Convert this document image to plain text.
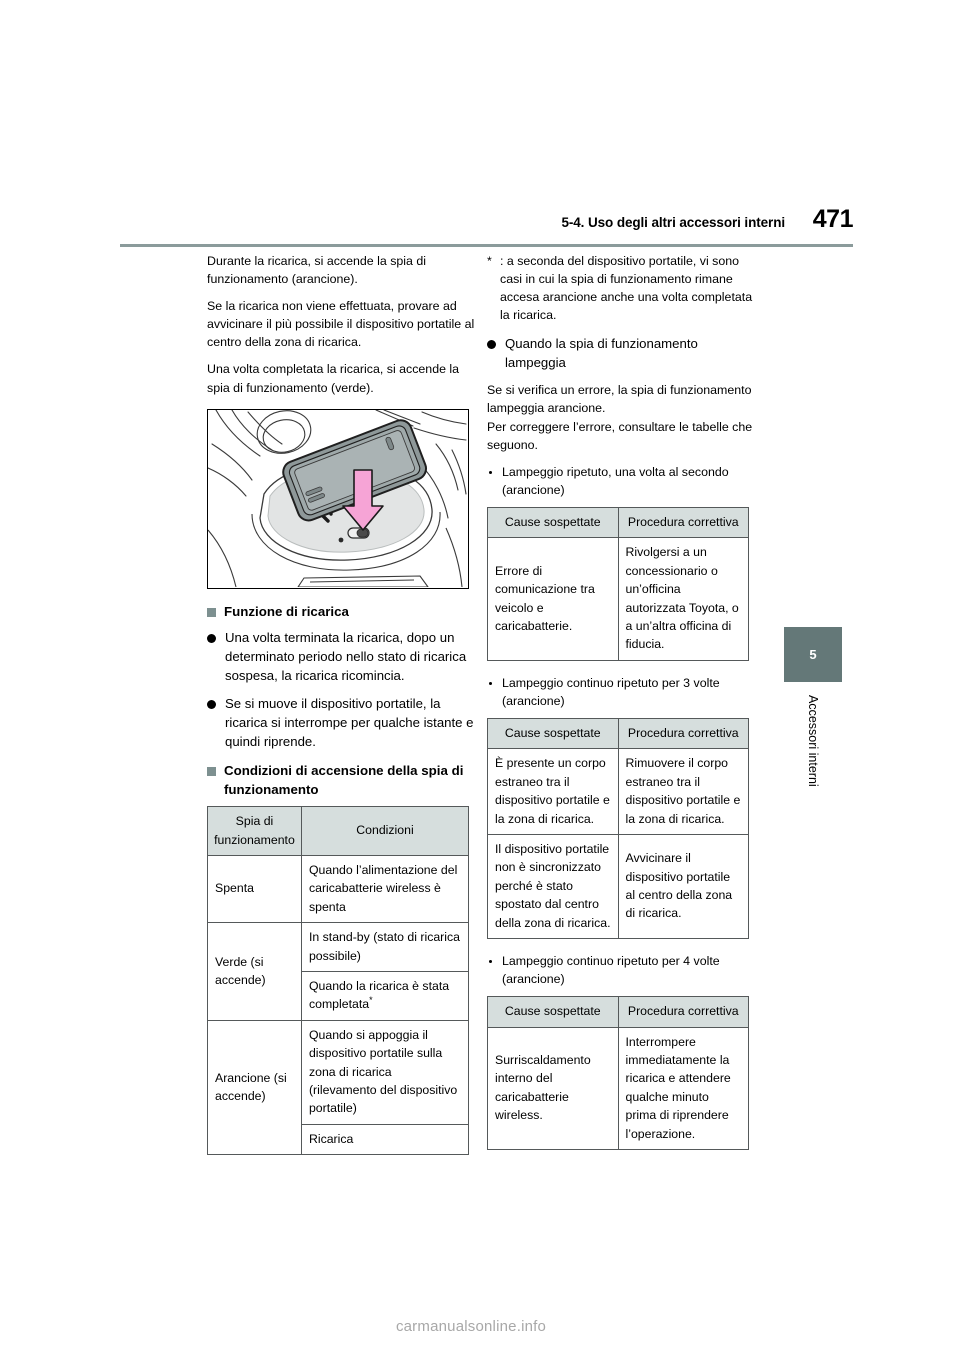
5-4. Uso degli altri accessori interni	471

Durante la ricarica, si accende la spia di funzionamento (arancione).

Se la ricarica non viene effettuata, provare ad avvicinare il più possibile il dispositivo portatile al centro della zona di ricarica.

Una volta completata la ricarica, si accende la spia di funzionamento (verde).

Funzione di ricarica
Una volta terminata la ricarica, dopo un determinato periodo nello stato di ricarica sospesa, la ricarica ricomincia.
Se si muove il dispositivo portatile, la ricarica si interrompe per qualche istante e quindi riprende.
Condizioni di accensione della spia di funzionamento
Spia di funzionamento	Condizioni
Spenta	Quando l’alimentazione del caricabatterie wireless è spenta
Verde (si accende)	In stand-by (stato di ricarica possibile)
	Quando la ricarica è stata completata*
Arancione (si accende)	Quando si appoggia il dispositivo portatile sulla zona di ricarica (rilevamento del dispositivo portatile)
	Ricarica
* : a seconda del dispositivo portatile, vi sono casi in cui la spia di funzionamento rimane accesa arancione anche una volta completata la ricarica.
Quando la spia di funzionamento lampeggia

Se si verifica un errore, la spia di funzionamento lampeggia arancione.

Per correggere l’errore, consultare le tabelle che seguono.

Lampeggio ripetuto, una volta al secondo (arancione)
Cause sospettate	Procedura correttiva
Errore di comunicazione tra veicolo e caricabatterie.	Rivolgersi a un concessionario o un’officina autorizzata Toyota, o a un’altra officina di fiducia.
Lampeggio continuo ripetuto per 3 volte (arancione)
Cause sospettate	Procedura correttiva
È presente un corpo estraneo tra il dispositivo portatile e la zona di ricarica.	Rimuovere il corpo estraneo tra il dispositivo portatile e la zona di ricarica.
Il dispositivo portatile non è sincronizzato perché è stato spostato dal centro della zona di ricarica.	Avvicinare il dispositivo portatile al centro della zona di ricarica.
Lampeggio continuo ripetuto per 4 volte (arancione)
Cause sospettate	Procedura correttiva
Surriscaldamento interno del caricabatterie wireless.	Interrompere immediatamente la ricarica e attendere qualche minuto prima di riprendere l’operazione.
5
Accessori interni
carmanualsonline.info
